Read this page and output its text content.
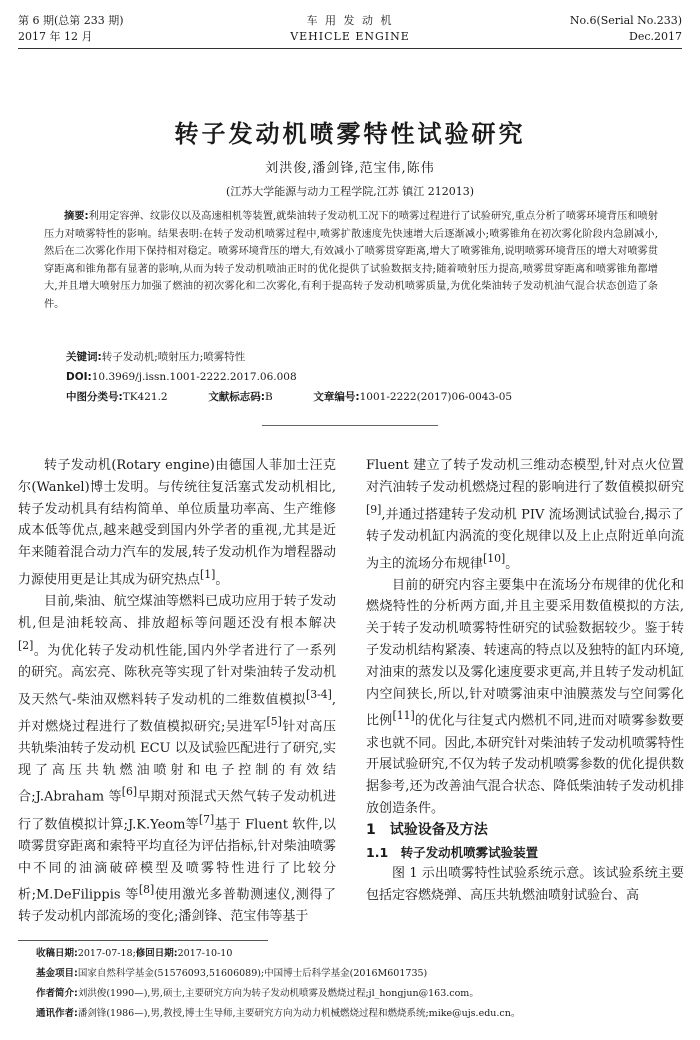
第 6 期(总第 233 期)
2017 年 12 月
车 用 发 动 机
VEHICLE ENGINE
No.6(Serial No.233)
Dec.2017
转子发动机喷雾特性试验研究
刘洪俊,潘剑锋,范宝伟,陈伟
(江苏大学能源与动力工程学院,江苏 镇江 212013)
摘要:利用定容弹、纹影仪以及高速相机等装置,就柴油转子发动机工况下的喷雾过程进行了试验研究,重点分析了喷雾环境背压和喷射压力对喷雾特性的影响。结果表明:在转子发动机喷雾过程中,喷雾扩散速度先快速增大后逐渐减小;喷雾锥角在初次雾化阶段内急剧减小,然后在二次雾化作用下保持相对稳定。喷雾环境背压的增大,有效减小了喷雾贯穿距离,增大了喷雾锥角,说明喷雾环境背压的增大对喷雾贯穿距离和锥角都有显著的影响,从而为转子发动机喷油正时的优化提供了试验数据支持;随着喷射压力提高,喷雾贯穿距离和喷雾锥角都增大,并且增大喷射压力加强了燃油的初次雾化和二次雾化,有利于提高转子发动机喷雾质量,为优化柴油转子发动机油气混合状态创造了条件。
关键词:转子发动机;喷射压力;喷雾特性
DOI:10.3969/j.issn.1001-2222.2017.06.008
中图分类号:TK421.2	文献标志码:B	文章编号:1001-2222(2017)06-0043-05

转子发动机(Rotary engine)由德国人菲加士汪克尔(Wankel)博士发明。与传统往复活塞式发动机相比,转子发动机具有结构简单、单位质量功率高、生产维修成本低等优点,越来越受到国内外学者的重视,尤其是近年来随着混合动力汽车的发展,转子发动机作为增程器动力源使用更是让其成为研究热点[1]。

目前,柴油、航空煤油等燃料已成功应用于转子发动机,但是油耗较高、排放超标等问题还没有根本解决[2]。为优化转子发动机性能,国内外学者进行了一系列的研究。高宏亮、陈秋亮等实现了针对柴油转子发动机及天然气-柴油双燃料转子发动机的二维数值模拟[3-4],并对燃烧过程进行了数值模拟研究;吴进军[5]针对高压共轨柴油转子发动机 ECU 以及试验匹配进行了研究,实现了高压共轨燃油喷射和电子控制的有效结合;J.Abraham 等[6]早期对预混式天然气转子发动机进行了数值模拟计算;J.K.Yeom等[7]基于 Fluent 软件,以喷雾贯穿距离和索特平均直径为评估指标,针对柴油喷雾中不同的油滴破碎模型及喷雾特性进行了比较分析;M.DeFilippis 等[8]使用激光多普勒测速仪,测得了转子发动机内部流场的变化;潘剑锋、范宝伟等基于

Fluent 建立了转子发动机三维动态模型,针对点火位置对汽油转子发动机燃烧过程的影响进行了数值模拟研究[9],并通过搭建转子发动机 PIV 流场测试试验台,揭示了转子发动机缸内涡流的变化规律以及上止点附近单向流为主的流场分布规律[10]。

目前的研究内容主要集中在流场分布规律的优化和燃烧特性的分析两方面,并且主要采用数值模拟的方法,关于转子发动机喷雾特性研究的试验数据较少。鉴于转子发动机结构紧凑、转速高的特点以及独特的缸内环境,对油束的蒸发以及雾化速度要求更高,并且转子发动机缸内空间狭长,所以,针对喷雾油束中油膜蒸发与空间雾化比例[11]的优化与往复式内燃机不同,进而对喷雾参数要求也就不同。因此,本研究针对柴油转子发动机喷雾特性开展试验研究,不仅为转子发动机喷雾参数的优化提供数据参考,还为改善油气混合状态、降低柴油转子发动机排放创造条件。

1　试验设备及方法

1.1　转子发动机喷雾试验装置

图 1 示出喷雾特性试验系统示意。该试验系统主要包括定容燃烧弹、高压共轨燃油喷射试验台、高

收稿日期:2017-07-18;修回日期:2017-10-10
基金项目:国家自然科学基金(51576093,51606089);中国博士后科学基金(2016M601735)
作者简介:刘洪俊(1990—),男,硕士,主要研究方向为转子发动机喷雾及燃烧过程;jl_hongjun@163.com。
通讯作者:潘剑锋(1986—),男,教授,博士生导师,主要研究方向为动力机械燃烧过程和燃烧系统;mike@ujs.edu.cn。
